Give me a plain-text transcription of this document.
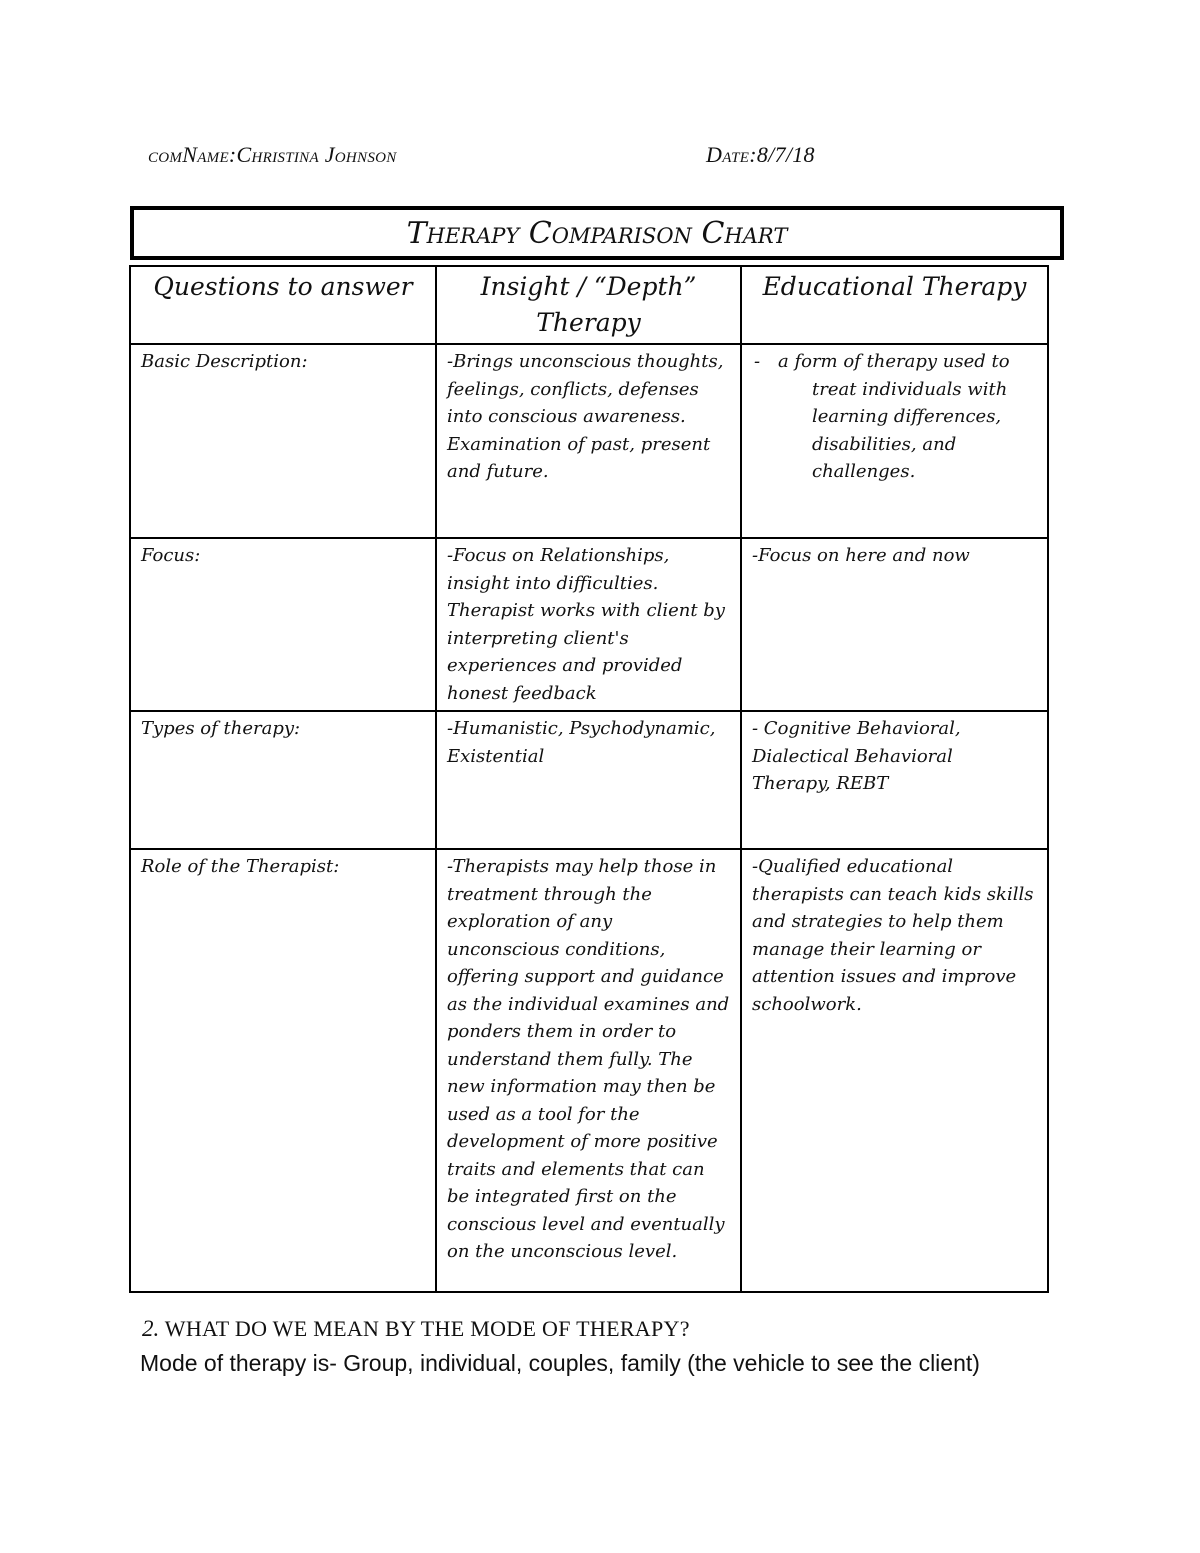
comName:Christina Johnson	Date:8/7/18
Therapy Comparison Chart
Questions to answer	Insight / “Depth” Therapy	Educational Therapy
Basic Description:	-Brings unconscious thoughts, feelings, conflicts, defenses into conscious awareness. Examination of past, present and future.	- a form of therapy used to treat individuals with learning differences, disabilities, and challenges.
Focus:	-Focus on Relationships, insight into difficulties. Therapist works with client by interpreting client's experiences and provided honest feedback	-Focus on here and now
Types of therapy:	-Humanistic, Psychodynamic, Existential	- Cognitive Behavioral, Dialectical Behavioral Therapy, REBT
Role of the Therapist:	-Therapists may help those in treatment through the exploration of any unconscious conditions, offering support and guidance as the individual examines and ponders them in order to understand them fully. The new information may then be used as a tool for the development of more positive traits and elements that can be integrated first on the conscious level and eventually on the unconscious level.	-Qualified educational therapists can teach kids skills and strategies to help them manage their learning or attention issues and improve schoolwork.
2. WHAT DO WE MEAN BY THE MODE OF THERAPY?
Mode of therapy is- Group, individual, couples, family (the vehicle to see the client)
